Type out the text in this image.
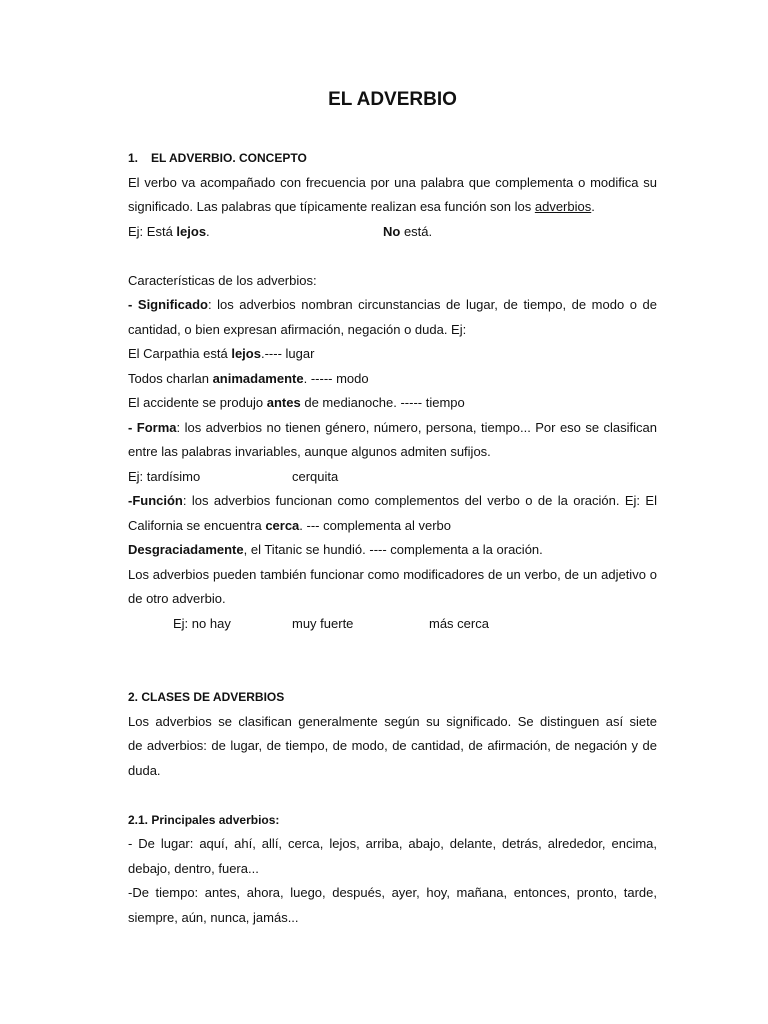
EL ADVERBIO
1. EL ADVERBIO. CONCEPTO
El verbo va acompañado con frecuencia por una palabra que complementa o modifica su
significado. Las palabras que típicamente realizan esa función son los adverbios.
Ej: Está lejos.	No está.
Características de los adverbios:
- Significado: los adverbios nombran circunstancias de lugar, de tiempo, de modo o de
cantidad, o bien expresan afirmación, negación o duda. Ej:
El Carpathia está lejos.---- lugar
Todos charlan animadamente. ----- modo
El accidente se produjo antes de medianoche. ----- tiempo
- Forma: los adverbios no tienen género, número, persona, tiempo... Por eso se clasifican
entre las palabras invariables, aunque algunos admiten sufijos.
Ej: tardísimo	cerquita
-Función: los adverbios funcionan como complementos del verbo o de la oración. Ej: El
California se encuentra cerca. --- complementa al verbo
Desgraciadamente, el Titanic se hundió. ---- complementa a la oración.
Los adverbios pueden también funcionar como modificadores de un verbo, de un adjetivo o
de otro adverbio.
Ej: no hay	muy fuerte	más cerca
2. CLASES DE ADVERBIOS
Los adverbios se clasifican generalmente según su significado. Se distinguen así siete
de adverbios: de lugar, de tiempo, de modo, de cantidad, de afirmación, de negación y de
duda.
2.1. Principales adverbios:
- De lugar: aquí, ahí, allí, cerca, lejos, arriba, abajo, delante, detrás, alrededor, encima,
debajo, dentro, fuera...
-De tiempo: antes, ahora, luego, después, ayer, hoy, mañana, entonces, pronto, tarde,
siempre, aún, nunca, jamás...
